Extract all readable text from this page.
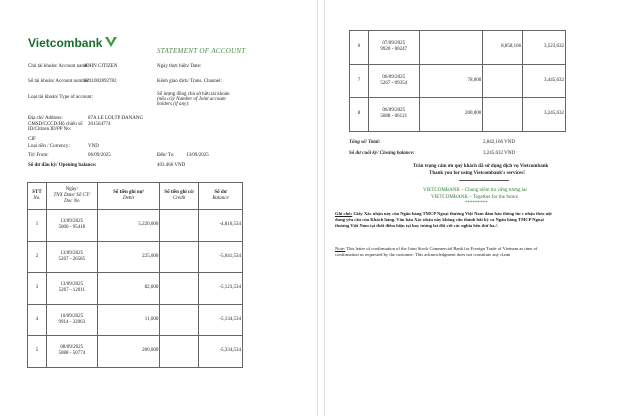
Vietcombank
STATEMENT OF ACCOUNT
Chủ tài khoản/ Account name:
JOHN CITIZEN	Ngày thực hiện/ Date:
Số tài khoản/ Account number:
0231002892782	Kênh giao dịch/ Trans. Channel:
Loại tài khoản/ Type of account:
Số lượng đồng chủ sở hữu tài khoản
(nếu có)/ Number of Joint account
holders (if any):
Địa chỉ/ Address:	87A LE LOI,TP DANANG
CMSD/CCCD/Hộ chiếu số
ID/Citizen ID/PP No:
201564774
CIF
Loại tiền / Currency:	VND
Từ/ From:	06/09/2025	Đến/ To: 13/09/2025
Số dư đầu kỳ/ Opening balance:	403.466 VND
STT
No.	Ngày/
TNX Date/ Số CT/
Doc No	Số tiền ghi nợ/
Debit	Số tiền ghi có/
Credit	Số dư
Balance
1	13/09/2025
5000 - 95418	5,220,000		-4,816,534
2	13/09/2025
5267 - 26585	225,000		-5,041,534
3	13/09/2025
5267 - 12011	82,000		-5,123,534
4	10/09/2025
9914 - 32063	11,000		-5,134,534
5	08/09/2025
5088 - 50774	200,000		-5,334,534
6	07/09/2025
9920 - 00247		8,858,166	3,523,632
7	06/09/2025
5267 - 09354	78,000		3,445,632
8	06/09/2025
5088 - 06121	200,000		3,245,632
Tổng số/ Total:	2,842,166 VND
Số dư cuối kỳ/ Closing balance:	3,245,632 VND
Trân trọng cảm ơn quý khách đã sử dụng dịch vụ Vietcombank
Thank you for using Vietcombank's services!
VIETCOMBANK – Chung niềm tin vững tương lai
VIETCOMBANK – Together for the future
*********
Ghi chú: Giấy Xác nhận này của Ngân hàng TMCP Ngoại thương Việt Nam đảm bảo thông tin c nhận theo nội dung yêu cầu của Khách hàng. Văn bản Xác nhận này không cấu thành bất kỳ ca Ngân hàng TMCP Ngoại thương Việt Nam tại thời điểm hiện tại hay tương lai đối với các nghĩa bên thứ ba./.
Note: This letter of confirmation of the Joint Stock Commercial Bank for Foreign Trade of Vietnam as time of confirmation as requested by the customer. This acknowledgment does not constitute any claim
